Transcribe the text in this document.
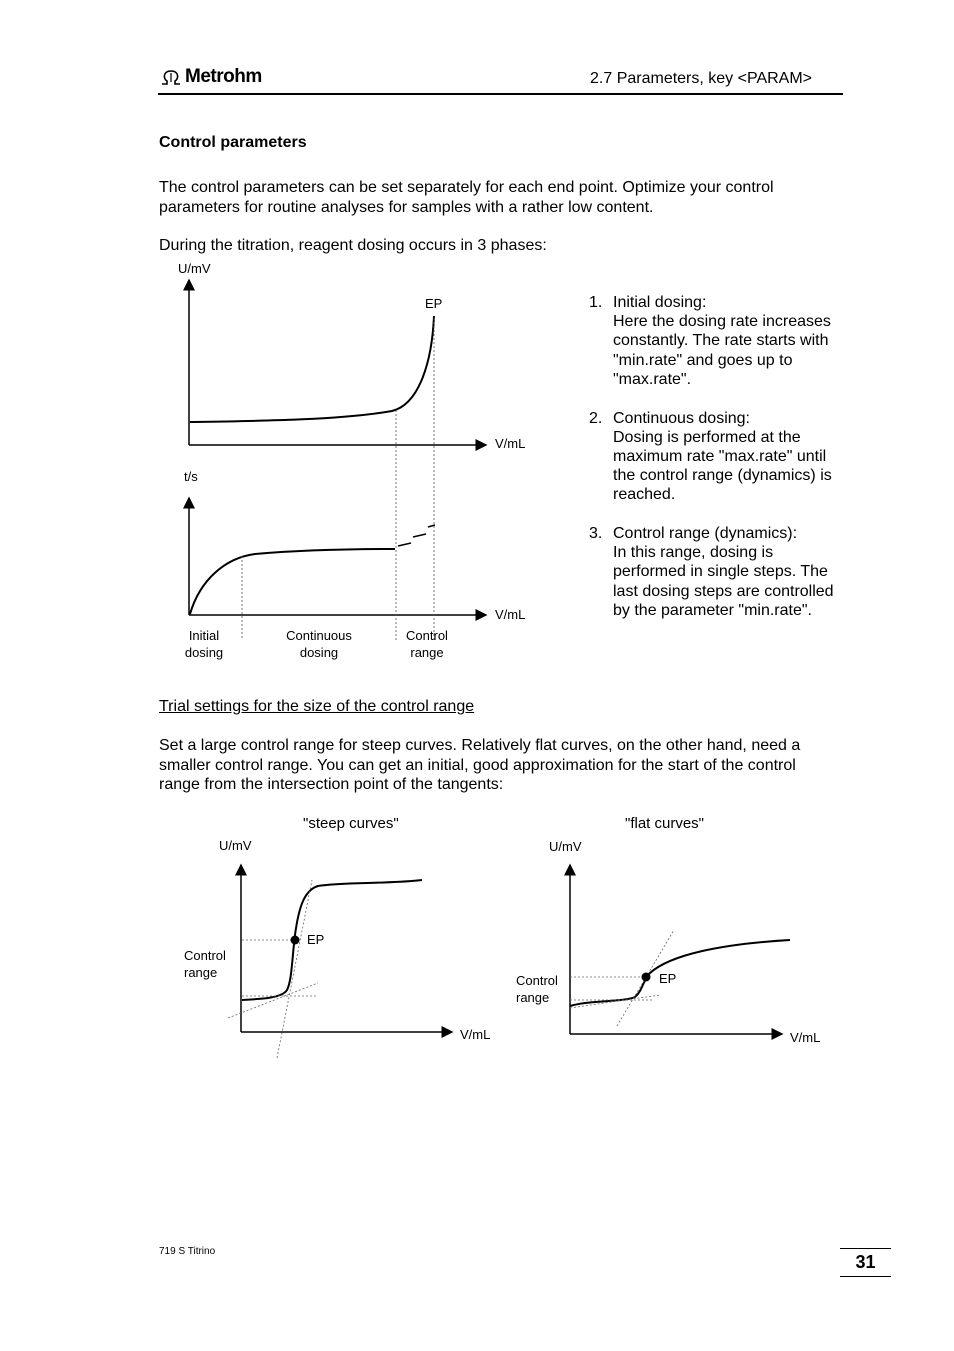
Metrohm	2.7 Parameters, key <PARAM>
Control parameters
The control parameters can be set separately for each end point. Optimize your control parameters for routine analyses for samples with a rather low content.
During the titration, reagent dosing occurs in 3 phases:
U/mV
V/mL
EP
t/s
V/mL
Initial
dosing
Continuous
dosing
Control
range
"steep curves"
U/mV
V/mL
EP
Control
range
"flat curves"
U/mV
V/mL
EP
Control
range
1. Initial dosing:
Here the dosing rate increases constantly. The rate starts with "min.rate" and goes up to "max.rate".
2. Continuous dosing:
Dosing is performed at the maximum rate "max.rate" until the control range (dynamics) is reached.
3. Control range (dynamics):
In this range, dosing is performed in single steps. The last dosing steps are controlled by the parameter "min.rate".
Trial settings for the size of the control range
Set a large control range for steep curves. Relatively flat curves, on the other hand, need a smaller control range. You can get an initial, good approximation for the start of the control range from the intersection point of the tangents:
719 S Titrino
31
